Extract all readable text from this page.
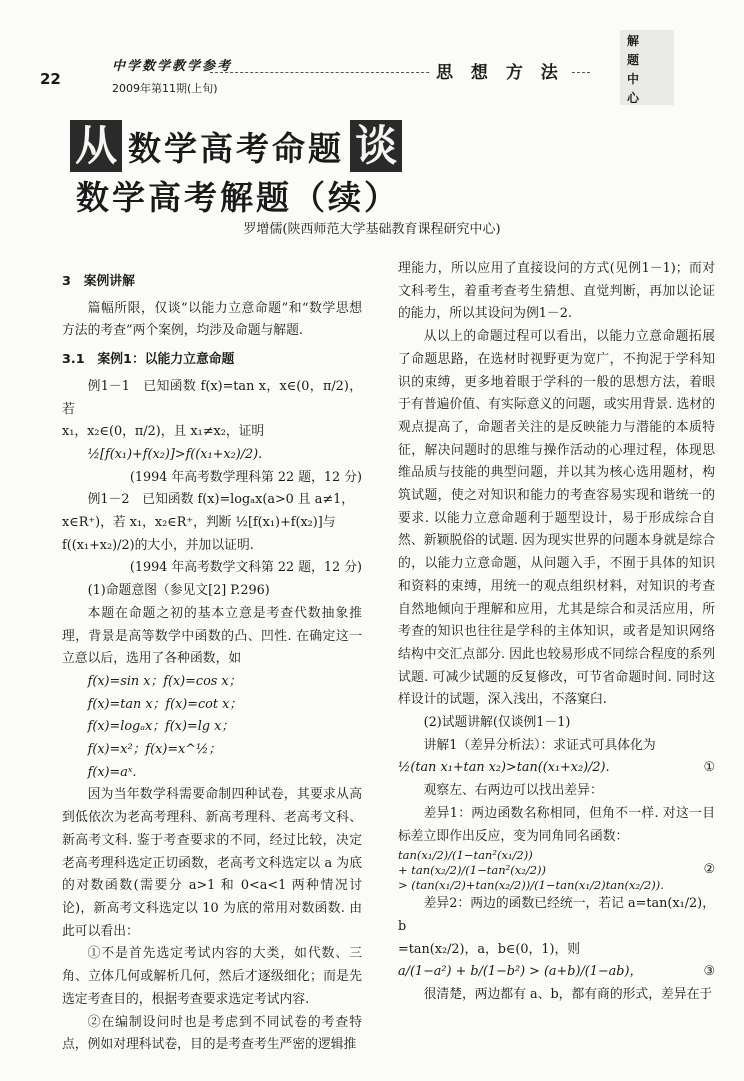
22
中学数学教学参考
2009年第11期(上旬)
思 想 方 法
解
题
中
心
从 数学高考命题 谈数学高考解题（续）
罗增儒(陕西师范大学基础教育课程研究中心)

3　案例讲解

篇幅所限，仅谈“以能力立意命题”和“数学思想方法的考查”两个案例，均涉及命题与解题.

3.1　案例1：以能力立意命题

例1－1　已知函数 f(x)=tan x，x∈(0，π/2)，若

x₁，x₂∈(0，π/2)，且 x₁≠x₂，证明

½[f(x₁)+f(x₂)]>f((x₁+x₂)/2).

(1994 年高考数学理科第 22 题，12 分)

例1－2　已知函数 f(x)=logₐx(a>0 且 a≠1，

x∈R⁺)，若 x₁，x₂∈R⁺，判断 ½[f(x₁)+f(x₂)]与

f((x₁+x₂)/2)的大小，并加以证明.

(1994 年高考数学文科第 22 题，12 分)

(1)命题意图（参见文[2] P.296)

本题在命题之初的基本立意是考查代数抽象推理，背景是高等数学中函数的凸、凹性. 在确定这一立意以后，选用了各种函数，如

f(x)=sin x；f(x)=cos x；

f(x)=tan x；f(x)=cot x；

f(x)=logₐx；f(x)=lg x；

f(x)=x²；f(x)=x^½；

f(x)=aˣ.

因为当年数学科需要命制四种试卷，其要求从高到低依次为老高考理科、新高考理科、老高考文科、新高考文科. 鉴于考查要求的不同，经过比较，决定老高考理科选定正切函数，老高考文科选定以 a 为底的对数函数(需要分 a>1 和 0<a<1 两种情况讨论)，新高考文科选定以 10 为底的常用对数函数. 由此可以看出：

①不是首先选定考试内容的大类，如代数、三角、立体几何或解析几何，然后才逐级细化；而是先选定考查目的，根据考查要求选定考试内容.

②在编制设问时也是考虑到不同试卷的考查特点，例如对理科试卷，目的是考查考生严密的逻辑推

理能力，所以应用了直接设问的方式(见例1－1)；而对文科考生，着重考查考生猜想、直觉判断，再加以论证的能力，所以其设问为例1－2.

从以上的命题过程可以看出，以能力立意命题拓展了命题思路，在选材时视野更为宽广，不拘泥于学科知识的束缚，更多地着眼于学科的一般的思想方法，着眼于有普遍价值、有实际意义的问题，或实用背景. 选材的观点提高了，命题者关注的是反映能力与潜能的本质特征，解决问题时的思维与操作活动的心理过程，体现思维品质与技能的典型问题，并以其为核心选用题材，构筑试题，使之对知识和能力的考查容易实现和谐统一的要求. 以能力立意命题利于题型设计，易于形成综合自然、新颖脱俗的试题. 因为现实世界的问题本身就是综合的，以能力立意命题，从问题入手，不囿于具体的知识和资料的束缚，用统一的观点组织材料，对知识的考查自然地倾向于理解和应用，尤其是综合和灵活应用，所考查的知识也往往是学科的主体知识，或者是知识网络结构中交汇点部分. 因此也较易形成不同综合程度的系列试题. 可减少试题的反复修改，可节省命题时间. 同时这样设计的试题，深入浅出，不落窠臼.

(2)试题讲解(仅谈例1－1)

讲解1（差异分析法）：求证式可具体化为

½(tan x₁+tan x₂)>tan((x₁+x₂)/2).	①

观察左、右两边可以找出差异：

差异1：两边函数名称相同，但角不一样. 对这一目标差立即作出反应，变为同角同名函数：

tan(x₁/2)/(1−tan²(x₁/2))
+ tan(x₂/2)/(1−tan²(x₂/2))
> (tan(x₁/2)+tan(x₂/2))/(1−tan(x₁/2)tan(x₂/2)).
②

差异2：两边的函数已经统一，若记 a=tan(x₁/2)，b

=tan(x₂/2)，a，b∈(0，1)，则

a/(1−a²) + b/(1−b²) > (a+b)/(1−ab)，	③

很清楚，两边都有 a、b，都有商的形式，差异在于
